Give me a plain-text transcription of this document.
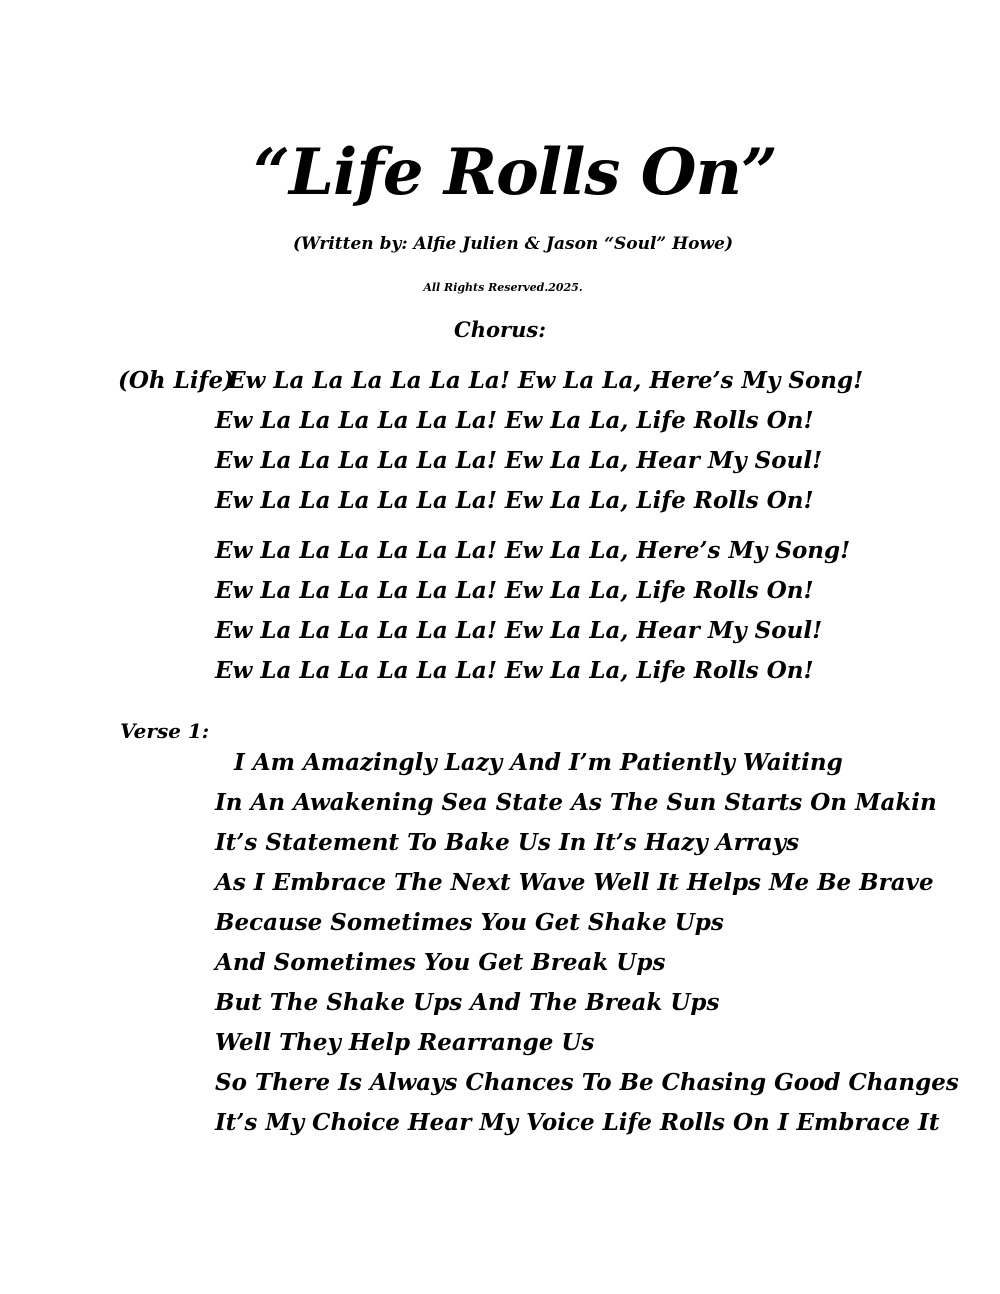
“Life Rolls On”
(Written by: Alfie Julien & Jason “Soul” Howe)
All Rights Reserved.2025.
Chorus:
(Oh Life)
Ew La La La La La La! Ew La La, Here’s My Song!
Ew La La La La La La! Ew La La, Life Rolls On!
Ew La La La La La La! Ew La La, Hear My Soul!
Ew La La La La La La! Ew La La, Life Rolls On!
Ew La La La La La La! Ew La La, Here’s My Song!
Ew La La La La La La! Ew La La, Life Rolls On!
Ew La La La La La La! Ew La La, Hear My Soul!
Ew La La La La La La! Ew La La, Life Rolls On!
Verse 1:
I Am Amazingly Lazy And I’m Patiently Waiting
In An Awakening Sea State As The Sun Starts On Makin
It’s Statement To Bake Us In It’s Hazy Arrays
As I Embrace The Next Wave Well It Helps Me Be Brave
Because Sometimes You Get Shake Ups
And Sometimes You Get Break Ups
But The Shake Ups And The Break Ups
Well They Help Rearrange Us
So There Is Always Chances To Be Chasing Good Changes
It’s My Choice Hear My Voice Life Rolls On I Embrace It
